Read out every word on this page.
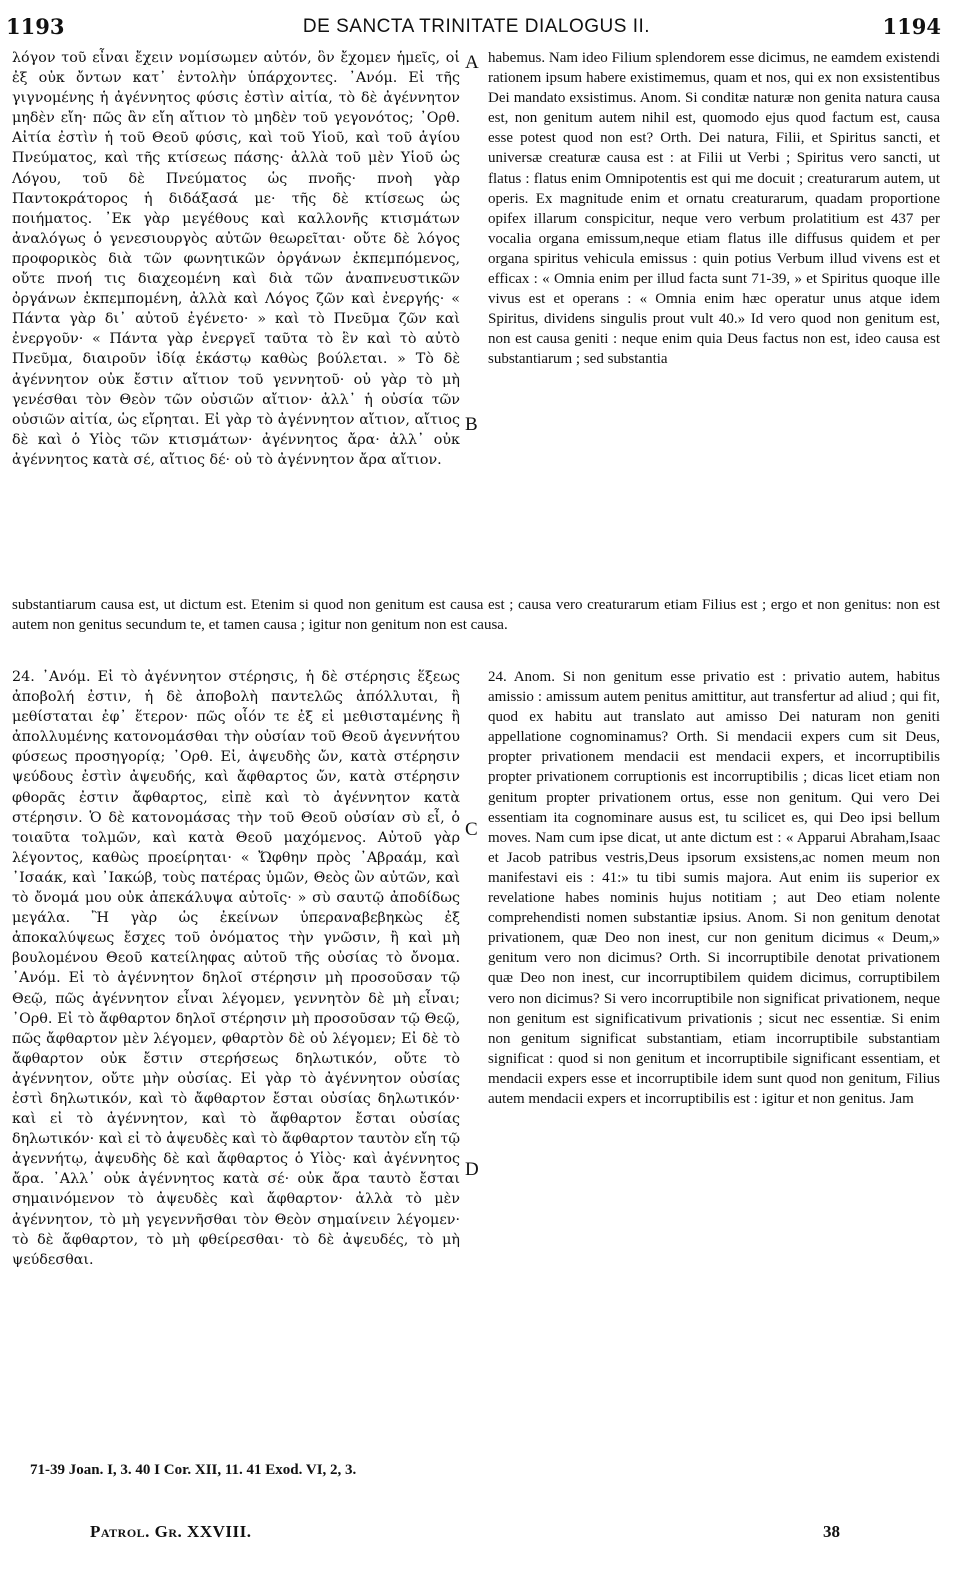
1193	DE SANCTA TRINITATE DIALOGUS II.	1194
λόγον τοῦ εἶναι ἔχειν νομίσωμεν αὐτόν, ὃν ἔχομεν ἡμεῖς, οἱ ἐξ οὐκ ὄντων κατ᾽ ἐντολὴν ὑπάρχοντες. ᾽Ανόμ. Εἰ τῆς γιγνομένης ἡ ἀγέννητος φύσις ἐστὶν αἰτία, τὸ δὲ ἀγέννητον μηδὲν εἴη· πῶς ἂν εἴη αἴτιον τὸ μηδὲν τοῦ γεγονότος; ᾽Ορθ. Αἰτία ἐστὶν ἡ τοῦ Θεοῦ φύσις, καὶ τοῦ Υἱοῦ, καὶ τοῦ ἁγίου Πνεύματος, καὶ τῆς κτίσεως πάσης· ἀλλὰ τοῦ μὲν Υἱοῦ ὡς Λόγου, τοῦ δὲ Πνεύματος ὡς πνοῆς· πνοὴ γὰρ Παντοκράτορος ἡ διδάξασά με· τῆς δὲ κτίσεως ὡς ποιήματος. ᾽Εκ γὰρ μεγέθους καὶ καλλονῆς κτισμάτων ἀναλόγως ὁ γενεσιουργὸς αὐτῶν θεωρεῖται· οὔτε δὲ λόγος προφορικὸς διὰ τῶν φωνητικῶν ὀργάνων ἐκπεμπόμενος, οὔτε πνοή τις διαχεομένη καὶ διὰ τῶν ἀναπνευστικῶν ὀργάνων ἐκπεμπομένη, ἀλλὰ καὶ Λόγος ζῶν καὶ ἐνεργής· « Πάντα γὰρ δι᾽ αὐτοῦ ἐγένετο· » καὶ τὸ Πνεῦμα ζῶν καὶ ἐνεργοῦν· « Πάντα γὰρ ἐνεργεῖ ταῦτα τὸ ἓν καὶ τὸ αὐτὸ Πνεῦμα, διαιροῦν ἰδίᾳ ἑκάστῳ καθὼς βούλεται. » Τὸ δὲ ἀγέννητον οὐκ ἔστιν αἴτιον τοῦ γεννητοῦ· οὐ γὰρ τὸ μὴ γενέσθαι τὸν Θεὸν τῶν οὐσιῶν αἴτιον· ἀλλ᾽ ἡ οὐσία τῶν οὐσιῶν αἰτία, ὡς εἴρηται. Εἰ γὰρ τὸ ἀγέννητον αἴτιον, αἴτιος δὲ καὶ ὁ Υἱὸς τῶν κτισμάτων· ἀγέννητος ἄρα· ἀλλ᾽ οὐκ ἀγέννητος κατὰ σέ, αἴτιος δέ· οὐ τὸ ἀγέννητον ἄρα αἴτιον.
habemus. Nam ideo Filium splendorem esse dicimus, ne eamdem existendi rationem ipsum habere existimemus, quam et nos, qui ex non exsistentibus Dei mandato exsistimus. Anom. Si conditæ naturæ non genita natura causa est, non genitum autem nihil est, quomodo ejus quod factum est, causa esse potest quod non est? Orth. Dei natura, Filii, et Spiritus sancti, et universæ creaturæ causa est : at Filii ut Verbi ; Spiritus vero sancti, ut flatus : flatus enim Omnipotentis est qui me docuit ; creaturarum autem, ut operis. Ex magnitude enim et ornatu creaturarum, quadam proportione opifex illarum conspicitur, neque vero verbum prolatitium est 437 per vocalia organa emissum,neque etiam flatus ille diffusus quidem et per organa spiritus vehicula emissus : quin potius Verbum illud vivens est et efficax : « Omnia enim per illud facta sunt 71-39, » et Spiritus quoque ille vivus est et operans : « Omnia enim hæc operatur unus atque idem Spiritus, dividens singulis prout vult 40.» Id vero quod non genitum est, non est causa geniti : neque enim quia Deus factus non est, ideo causa est substantiarum ; sed substantia
A
B
substantiarum causa est, ut dictum est. Etenim si quod non genitum est causa est ; causa vero creaturarum etiam Filius est ; ergo et non genitus: non est autem non genitus secundum te, et tamen causa ; igitur non genitum non est causa.
24. ᾽Ανόμ. Εἰ τὸ ἀγέννητον στέρησις, ἡ δὲ στέρησις ἕξεως ἀποβολή ἐστιν, ἡ δὲ ἀποβολὴ παντελῶς ἀπόλλυται, ἢ μεθίσταται ἐφ᾽ ἕτερον· πῶς οἷόν τε ἐξ εἰ μεθισταμένης ἢ ἀπολλυμένης κατονομάσθαι τὴν οὐσίαν τοῦ Θεοῦ ἀγεννήτου φύσεως προσηγορίᾳ; ᾽Ορθ. Εἰ, ἀψευδὴς ὤν, κατὰ στέρησιν ψεύδους ἐστὶν ἀψευδής, καὶ ἄφθαρτος ὤν, κατὰ στέρησιν φθορᾶς ἐστιν ἄφθαρτος, εἰπὲ καὶ τὸ ἀγέννητον κατὰ στέρησιν. Ὁ δὲ κατονομάσας τὴν τοῦ Θεοῦ οὐσίαν σὺ εἶ, ὁ τοιαῦτα τολμῶν, καὶ κατὰ Θεοῦ μαχόμενος. Αὐτοῦ γὰρ λέγοντος, καθὼς προείρηται· « Ὤφθην πρὸς ᾽Αβραάμ, καὶ ᾽Ισαάκ, καὶ ᾽Ιακώβ, τοὺς πατέρας ὑμῶν, Θεὸς ὢν αὐτῶν, καὶ τὸ ὄνομά μου οὐκ ἀπεκάλυψα αὐτοῖς· » σὺ σαυτῷ ἀποδίδως μεγάλα. Ἢ γὰρ ὡς ἐκείνων ὑπεραναβεβηκὼς ἐξ ἀποκαλύψεως ἔσχες τοῦ ὀνόματος τὴν γνῶσιν, ἢ καὶ μὴ βουλομένου Θεοῦ κατείληφας αὐτοῦ τῆς οὐσίας τὸ ὄνομα. ᾽Ανόμ. Εἰ τὸ ἀγέννητον δηλοῖ στέρησιν μὴ προσοῦσαν τῷ Θεῷ, πῶς ἀγέννητον εἶναι λέγομεν, γεννητὸν δὲ μὴ εἶναι; ᾽Ορθ. Εἰ τὸ ἄφθαρτον δηλοῖ στέρησιν μὴ προσοῦσαν τῷ Θεῷ, πῶς ἄφθαρτον μὲν λέγομεν, φθαρτὸν δὲ οὐ λέγομεν; Εἰ δὲ τὸ ἄφθαρτον οὐκ ἔστιν στερήσεως δηλωτικόν, οὔτε τὸ ἀγέννητον, οὔτε μὴν οὐσίας. Εἰ γὰρ τὸ ἀγέννητον οὐσίας ἐστὶ δηλωτικόν, καὶ τὸ ἄφθαρτον ἔσται οὐσίας δηλωτικόν· καὶ εἰ τὸ ἀγέννητον, καὶ τὸ ἄφθαρτον ἔσται οὐσίας δηλωτικόν· καὶ εἰ τὸ ἀψευδὲς καὶ τὸ ἄφθαρτον ταυτὸν εἴη τῷ ἀγεννήτῳ, ἀψευδὴς δὲ καὶ ἄφθαρτος ὁ Υἱὸς· καὶ ἀγέννητος ἄρα. ᾽Αλλ᾽ οὐκ ἀγέννητος κατὰ σέ· οὐκ ἄρα ταυτὸ ἔσται σημαινόμενον τὸ ἀψευδὲς καὶ ἄφθαρτον· ἀλλὰ τὸ μὲν ἀγέννητον, τὸ μὴ γεγεννῆσθαι τὸν Θεὸν σημαίνειν λέγομεν· τὸ δὲ ἄφθαρτον, τὸ μὴ φθείρεσθαι· τὸ δὲ ἀψευδές, τὸ μὴ ψεύδεσθαι.
24. Anom. Si non genitum esse privatio est : privatio autem, habitus amissio : amissum autem penitus amittitur, aut transfertur ad aliud ; qui fit, quod ex habitu aut translato aut amisso Dei naturam non geniti appellatione cognominamus? Orth. Si mendacii expers cum sit Deus, propter privationem mendacii est mendacii expers, et incorruptibilis propter privationem corruptionis est incorruptibilis ; dicas licet etiam non genitum propter privationem ortus, esse non genitum. Qui vero Dei essentiam ita cognominare ausus est, tu scilicet es, qui Deo ipsi bellum moves. Nam cum ipse dicat, ut ante dictum est : « Apparui Abraham,Isaac et Jacob patribus vestris,Deus ipsorum exsistens,ac nomen meum non manifestavi eis : 41:» tu tibi sumis majora. Aut enim iis superior ex revelatione habes nominis hujus notitiam ; aut Deo etiam nolente comprehendisti nomen substantiæ ipsius. Anom. Si non genitum denotat privationem, quæ Deo non inest, cur non genitum dicimus « Deum,» genitum vero non dicimus? Orth. Si incorruptibile denotat privationem quæ Deo non inest, cur incorruptibilem quidem dicimus, corruptibilem vero non dicimus? Si vero incorruptibile non significat privationem, neque non genitum est significativum privationis ; sicut nec essentiæ. Si enim non genitum significat substantiam, etiam incorruptibile substantiam significat : quod si non genitum et incorruptibile significant essentiam, et mendacii expers esse et incorruptibile idem sunt quod non genitum, Filius autem mendacii expers et incorruptibilis est : igitur et non genitus. Jam
C
D
71-39 Joan. I, 3. 40 I Cor. XII, 11. 41 Exod. VI, 2, 3.
Patrol. Gr. XXVIII.	38
